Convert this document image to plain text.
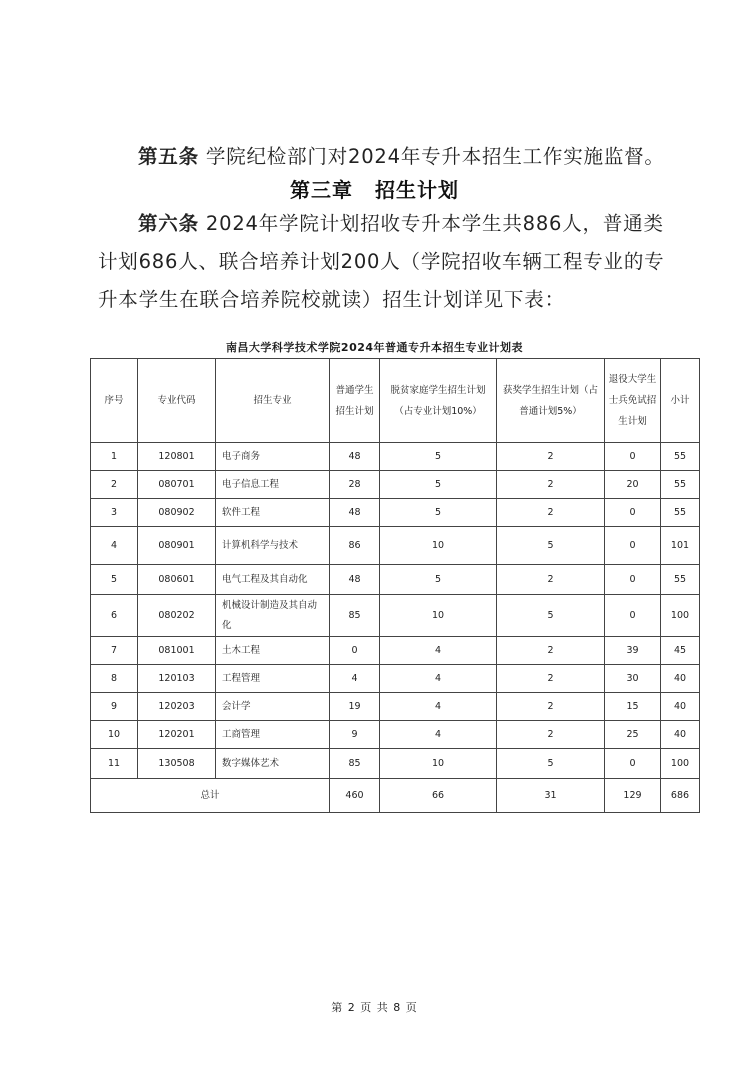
第五条 学院纪检部门对2024年专升本招生工作实施监督。
第三章 招生计划
第六条 2024年学院计划招收专升本学生共886人，普通类
计划686人、联合培养计划200人（学院招收车辆工程专业的专
升本学生在联合培养院校就读）招生计划详见下表：
南昌大学科学技术学院2024年普通专升本招生专业计划表
序号	专业代码	招生专业	普通学生招生计划	脱贫家庭学生招生计划（占专业计划10%）	获奖学生招生计划（占普通计划5%）	退役大学生士兵免试招生计划	小计
1	120801	电子商务	48	5	2	0	55
2	080701	电子信息工程	28	5	2	20	55
3	080902	软件工程	48	5	2	0	55
4	080901	计算机科学与技术	86	10	5	0	101
5	080601	电气工程及其自动化	48	5	2	0	55
6	080202	机械设计制造及其自动化	85	10	5	0	100
7	081001	土木工程	0	4	2	39	45
8	120103	工程管理	4	4	2	30	40
9	120203	会计学	19	4	2	15	40
10	120201	工商管理	9	4	2	25	40
11	130508	数字媒体艺术	85	10	5	0	100
总计			460	66	31	129	686
第 2 页 共 8 页
